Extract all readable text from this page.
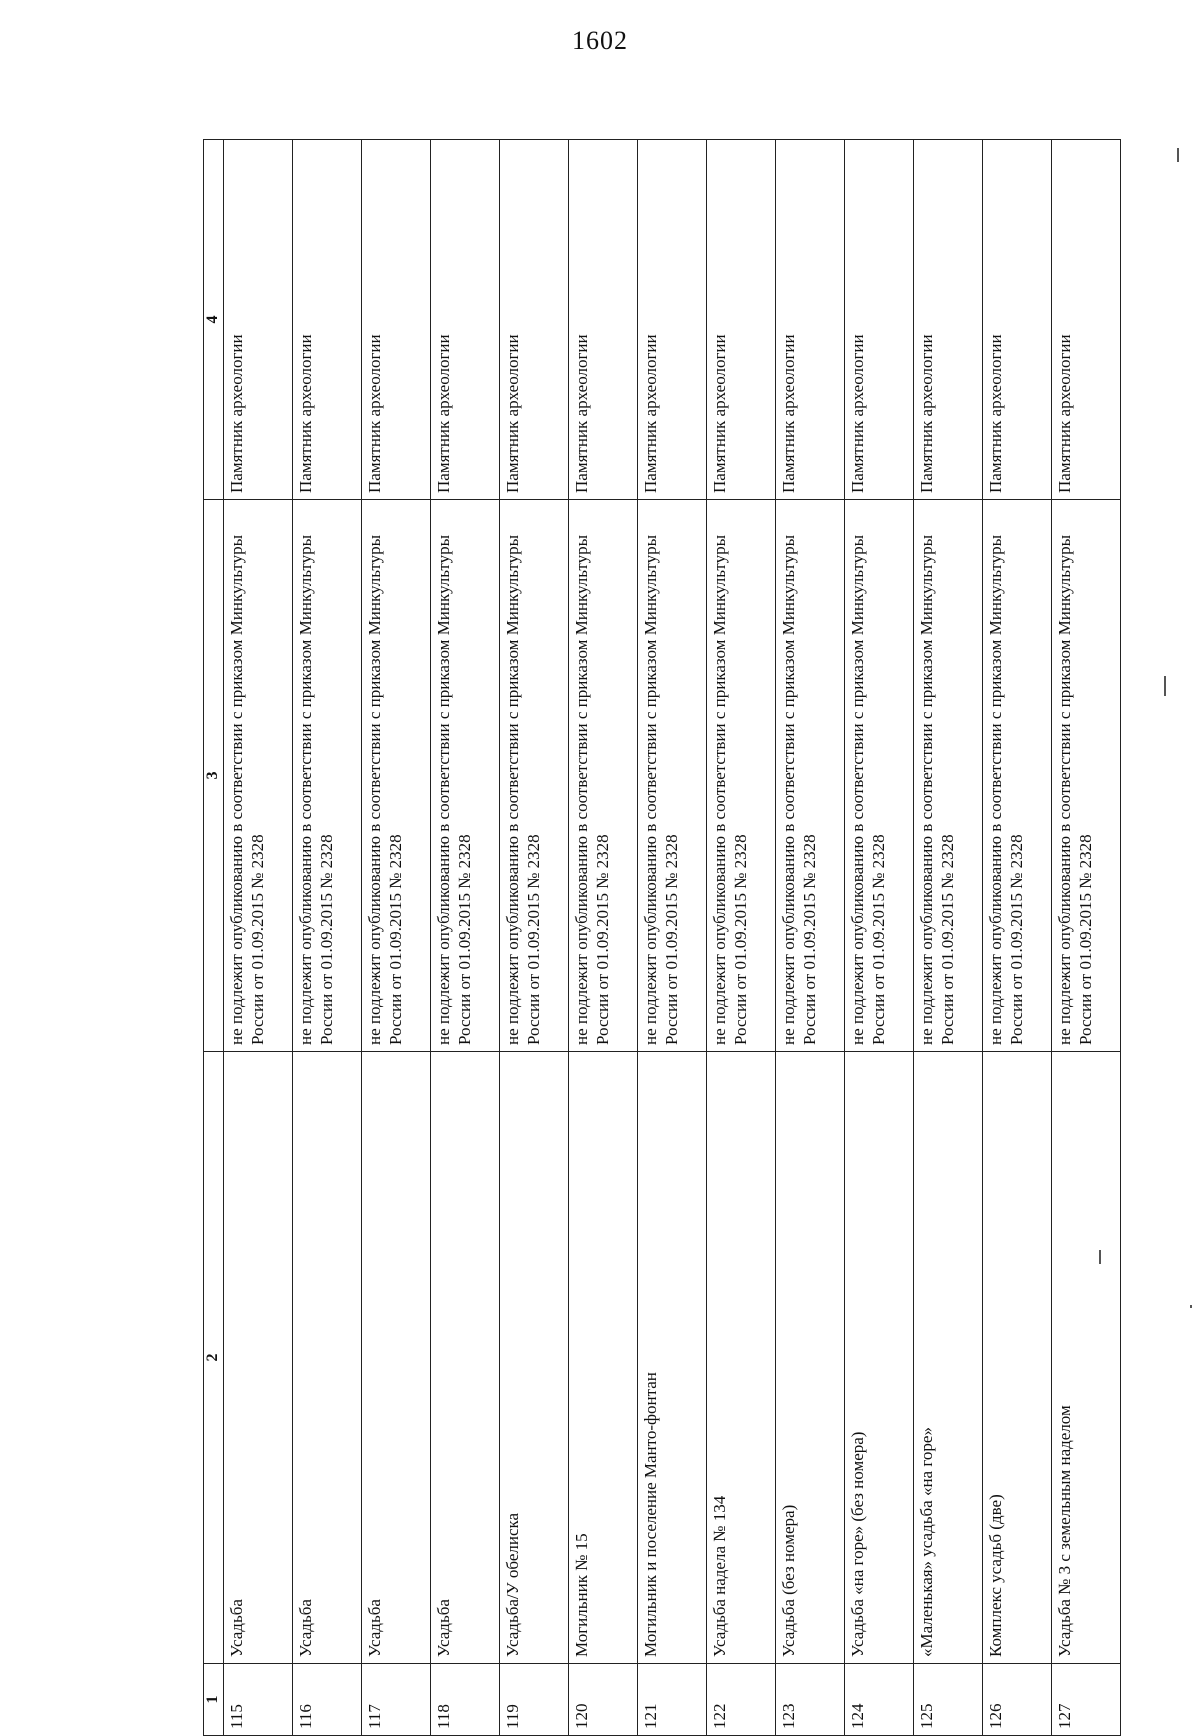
1602
1	2	3	4
115	Усадьба	не подлежит опубликованию в соответствии с приказом Минкультуры России от 01.09.2015 № 2328	Памятник археологии
116	Усадьба	не подлежит опубликованию в соответствии с приказом Минкультуры России от 01.09.2015 № 2328	Памятник археологии
117	Усадьба	не подлежит опубликованию в соответствии с приказом Минкультуры России от 01.09.2015 № 2328	Памятник археологии
118	Усадьба	не подлежит опубликованию в соответствии с приказом Минкультуры России от 01.09.2015 № 2328	Памятник археологии
119	Усадьба/У обелиска	не подлежит опубликованию в соответствии с приказом Минкультуры России от 01.09.2015 № 2328	Памятник археологии
120	Могильник № 15	не подлежит опубликованию в соответствии с приказом Минкультуры России от 01.09.2015 № 2328	Памятник археологии
121	Могильник и поселение Манто-фонтан	не подлежит опубликованию в соответствии с приказом Минкультуры России от 01.09.2015 № 2328	Памятник археологии
122	Усадьба надела № 134	не подлежит опубликованию в соответствии с приказом Минкультуры России от 01.09.2015 № 2328	Памятник археологии
123	Усадьба (без номера)	не подлежит опубликованию в соответствии с приказом Минкультуры России от 01.09.2015 № 2328	Памятник археологии
124	Усадьба «на горе» (без номера)	не подлежит опубликованию в соответствии с приказом Минкультуры России от 01.09.2015 № 2328	Памятник археологии
125	«Маленькая» усадьба «на горе»	не подлежит опубликованию в соответствии с приказом Минкультуры России от 01.09.2015 № 2328	Памятник археологии
126	Комплекс усадьб (две)	не подлежит опубликованию в соответствии с приказом Минкультуры России от 01.09.2015 № 2328	Памятник археологии
127	Усадьба № 3 с земельным наделом	не подлежит опубликованию в соответствии с приказом Минкультуры России от 01.09.2015 № 2328	Памятник археологии
